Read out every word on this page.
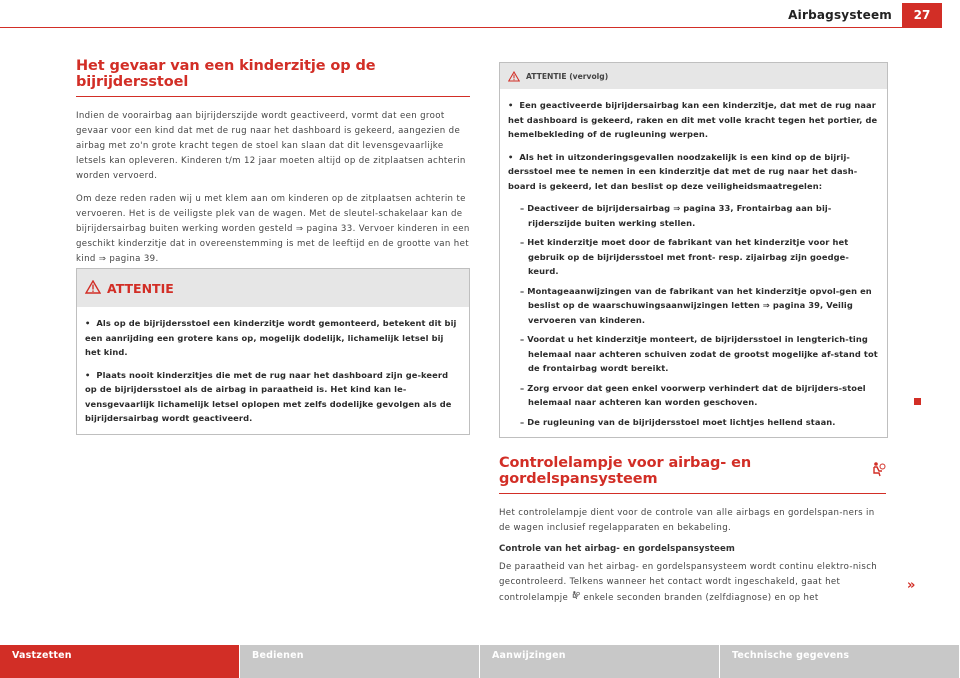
Airbagsysteem	27
Het gevaar van een kinderzitje op de bijrijdersstoel

Indien de voorairbag aan bijrijderszijde wordt geactiveerd, vormt dat een groot gevaar voor een kind dat met de rug naar het dashboard is gekeerd, aangezien de airbag met zo'n grote kracht tegen de stoel kan slaan dat dit levensgevaarlijke letsels kan opleveren. Kinderen t/m 12 jaar moeten altijd op de zitplaatsen achterin worden vervoerd.

Om deze reden raden wij u met klem aan om kinderen op de zitplaatsen achterin te vervoeren. Het is de veiligste plek van de wagen. Met de sleutel-schakelaar kan de bijrijdersairbag buiten werking worden gesteld ⇒ pagina 33. Vervoer kinderen in een geschikt kinderzitje dat in overeenstemming is met de leeftijd en de grootte van het kind ⇒ pagina 39.

ATTENTIE

• Als op de bijrijdersstoel een kinderzitje wordt gemonteerd, betekent dit bij een aanrijding een grotere kans op, mogelijk dodelijk, lichamelijk letsel bij het kind.

• Plaats nooit kinderzitjes die met de rug naar het dashboard zijn ge-keerd op de bijrijdersstoel als de airbag in paraatheid is. Het kind kan le-vensgevaarlijk lichamelijk letsel oplopen met zelfs dodelijke gevolgen als de bijrijdersairbag wordt geactiveerd.

ATTENTIE (vervolg)

• Een geactiveerde bijrijdersairbag kan een kinderzitje, dat met de rug naar het dashboard is gekeerd, raken en dit met volle kracht tegen het portier, de hemelbekleding of de rugleuning werpen.

• Als het in uitzonderingsgevallen noodzakelijk is een kind op de bijrij-dersstoel mee te nemen in een kinderzitje dat met de rug naar het dash-board is gekeerd, let dan beslist op deze veiligheidsmaatregelen:

– Deactiveer de bijrijdersairbag ⇒ pagina 33, Frontairbag aan bij-rijderszijde buiten werking stellen.

– Het kinderzitje moet door de fabrikant van het kinderzitje voor het gebruik op de bijrijdersstoel met front- resp. zijairbag zijn goedge-keurd.

– Montageaanwijzingen van de fabrikant van het kinderzitje opvol-gen en beslist op de waarschuwingsaanwijzingen letten ⇒ pagina 39, Veilig vervoeren van kinderen.

– Voordat u het kinderzitje monteert, de bijrijdersstoel in lengterich-ting helemaal naar achteren schuiven zodat de grootst mogelijke af-stand tot de frontairbag wordt bereikt.

– Zorg ervoor dat geen enkel voorwerp verhindert dat de bijrijders-stoel helemaal naar achteren kan worden geschoven.

– De rugleuning van de bijrijdersstoel moet lichtjes hellend staan.

Controlelampje voor airbag- en gordelspansysteem

Het controlelampje dient voor de controle van alle airbags en gordelspan-ners in de wagen inclusief regelapparaten en bekabeling.

Controle van het airbag- en gordelspansysteem

De paraatheid van het airbag- en gordelspansysteem wordt continu elektro-nisch gecontroleerd. Telkens wanneer het contact wordt ingeschakeld, gaat het controlelampje enkele seconden branden (zelfdiagnose) en op het

»
Vastzetten	Bedienen	Aanwijzingen	Technische gegevens
